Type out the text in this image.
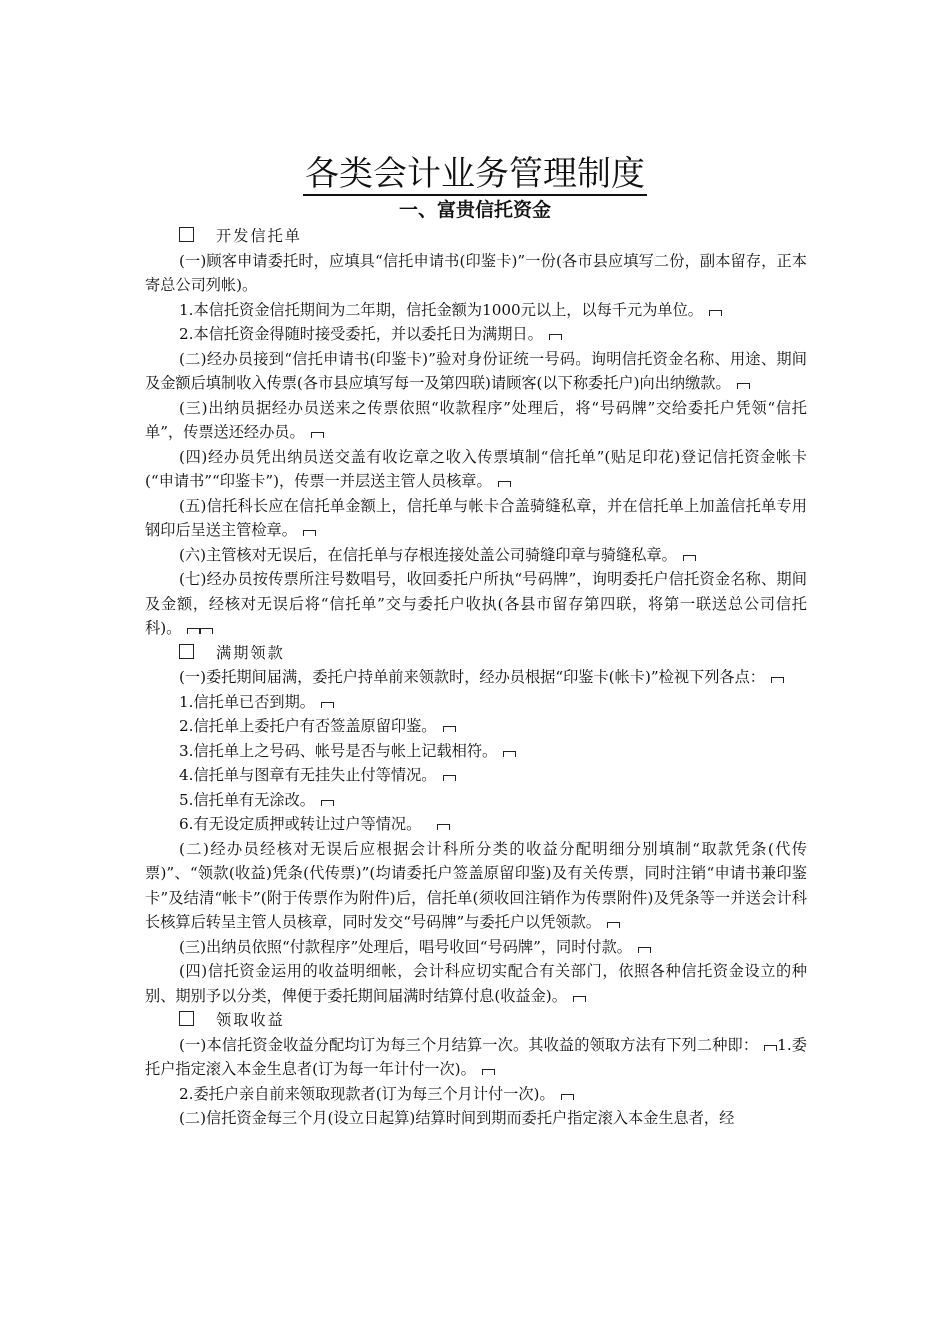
各类会计业务管理制度
一、富贵信托资金

开发信托单

(一)顾客申请委托时，应填具“信托申请书(印鉴卡)”一份(各市县应填写二份，副本留存，正本寄总公司列帐)。

1.本信托资金信托期间为二年期，信托金额为1000元以上，以每千元为单位。

2.本信托资金得随时接受委托，并以委托日为满期日。

(二)经办员接到“信托申请书(印鉴卡)”验对身份证统一号码。询明信托资金名称、用途、期间及金额后填制收入传票(各市县应填写每一及第四联)请顾客(以下称委托户)向出纳缴款。

(三)出纳员据经办员送来之传票依照“收款程序”处理后，将“号码牌”交给委托户凭领“信托单”，传票送还经办员。

(四)经办员凭出纳员送交盖有收讫章之收入传票填制“信托单”(贴足印花)登记信托资金帐卡(“申请书”“印鉴卡”)，传票一并层送主管人员核章。

(五)信托科长应在信托单金额上，信托单与帐卡合盖骑缝私章，并在信托单上加盖信托单专用钢印后呈送主管检章。

(六)主管核对无误后，在信托单与存根连接处盖公司骑缝印章与骑缝私章。

(七)经办员按传票所注号数唱号，收回委托户所执“号码牌”，询明委托户信托资金名称、期间及金额，经核对无误后将“信托单”交与委托户收执(各县市留存第四联，将第一联送总公司信托科)。

满期领款

(一)委托期间届满，委托户持单前来领款时，经办员根据“印鉴卡(帐卡)”检视下列各点：

1.信托单已否到期。

2.信托单上委托户有否签盖原留印鉴。

3.信托单上之号码、帐号是否与帐上记载相符。

4.信托单与图章有无挂失止付等情况。

5.信托单有无涂改。

6.有无设定质押或转让过户等情况。

(二)经办员经核对无误后应根据会计科所分类的收益分配明细分别填制“取款凭条(代传票)”、“领款(收益)凭条(代传票)”(均请委托户签盖原留印鉴)及有关传票，同时注销“申请书兼印鉴卡”及结清“帐卡”(附于传票作为附件)后，信托单(须收回注销作为传票附件)及凭条等一并送会计科长核算后转呈主管人员核章，同时发交“号码牌”与委托户以凭领款。

(三)出纳员依照“付款程序”处理后，唱号收回“号码牌”，同时付款。

(四)信托资金运用的收益明细帐，会计科应切实配合有关部门，依照各种信托资金设立的种别、期别予以分类，俾便于委托期间届满时结算付息(收益金)。

领取收益

(一)本信托资金收益分配均订为每三个月结算一次。其收益的领取方法有下列二种即： 1.委托户指定滚入本金生息者(订为每一年计付一次)。

2.委托户亲自前来领取现款者(订为每三个月计付一次)。

(二)信托资金每三个月(设立日起算)结算时间到期而委托户指定滚入本金生息者，经
